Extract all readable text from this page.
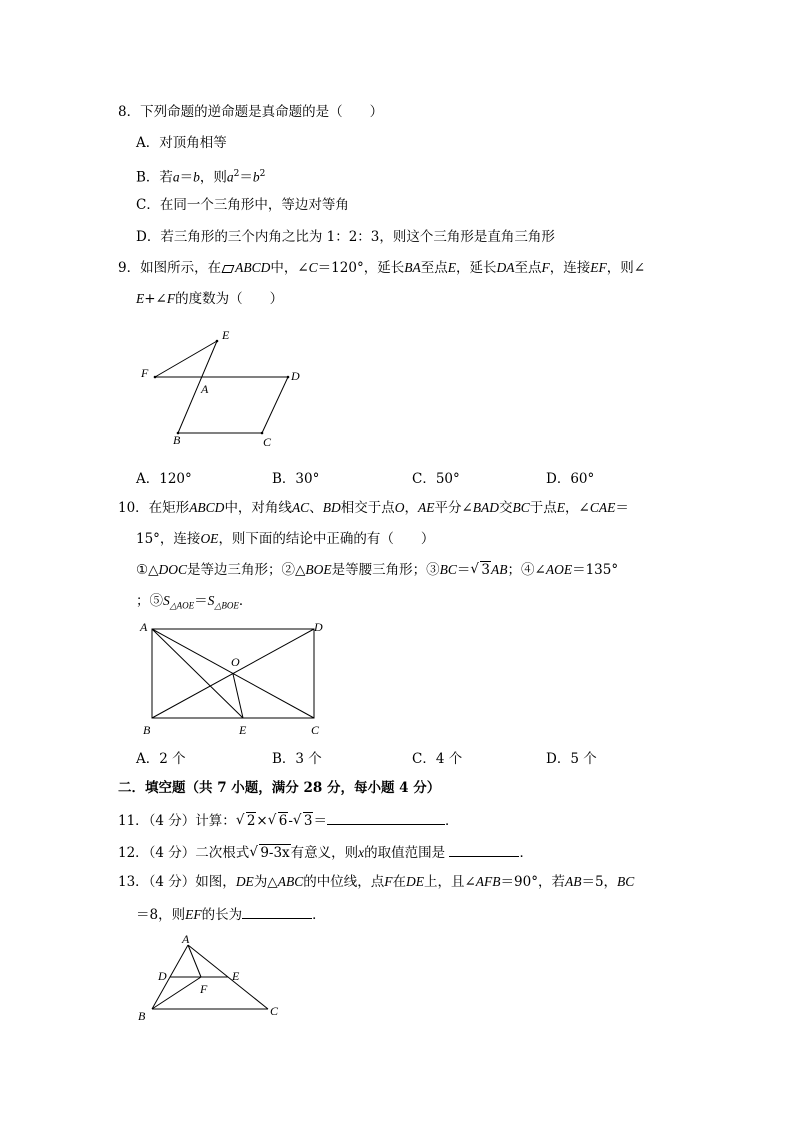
8．下列命题的逆命题是真命题的是（　　）
A．对顶角相等
B．若a＝b，则$a^2=b^2$
C．在同一个三角形中，等边对等角
D．若三角形的三个内角之比为 1：2：3，则这个三角形是直角三角形
9．如图所示，在 ABCD中，∠C＝120°，延长BA至点E，延长DA至点F，连接EF，则∠
E+∠F的度数为（　　）
E
F
A
D
B	C
A．120°	B．30°	C．50°	D．60°
10．在矩形ABCD中，对角线AC、BD相交于点O，AE平分∠BAD交BC于点E，∠CAE＝
15°，连接OE，则下面的结论中正确的有（　　）
①△DOC是等边三角形；②△BOE是等腰三角形；③BC＝ √ 3AB；④∠AOE＝135°
；$⑤S_{\triangle AOE}=S_{\triangle BOE}$．
A	D
O
B	E	C
A．2 个	B．3 个	C．4 个	D．5 个
二．填空题（共 7 小题，满分 28 分，每小题 4 分）
11．（4 分）计算： √ 2× √ 6- √ 3＝	．
12．（4 分）二次根式 √ 9-3x有意义，则x的取值范围是	．
13．（4 分）如图，DE为△ABC的中位线，点F在DE上，且∠AFB＝90°，若AB＝5，BC
＝8，则EF的长为	．
A
D	E
F
B	C
